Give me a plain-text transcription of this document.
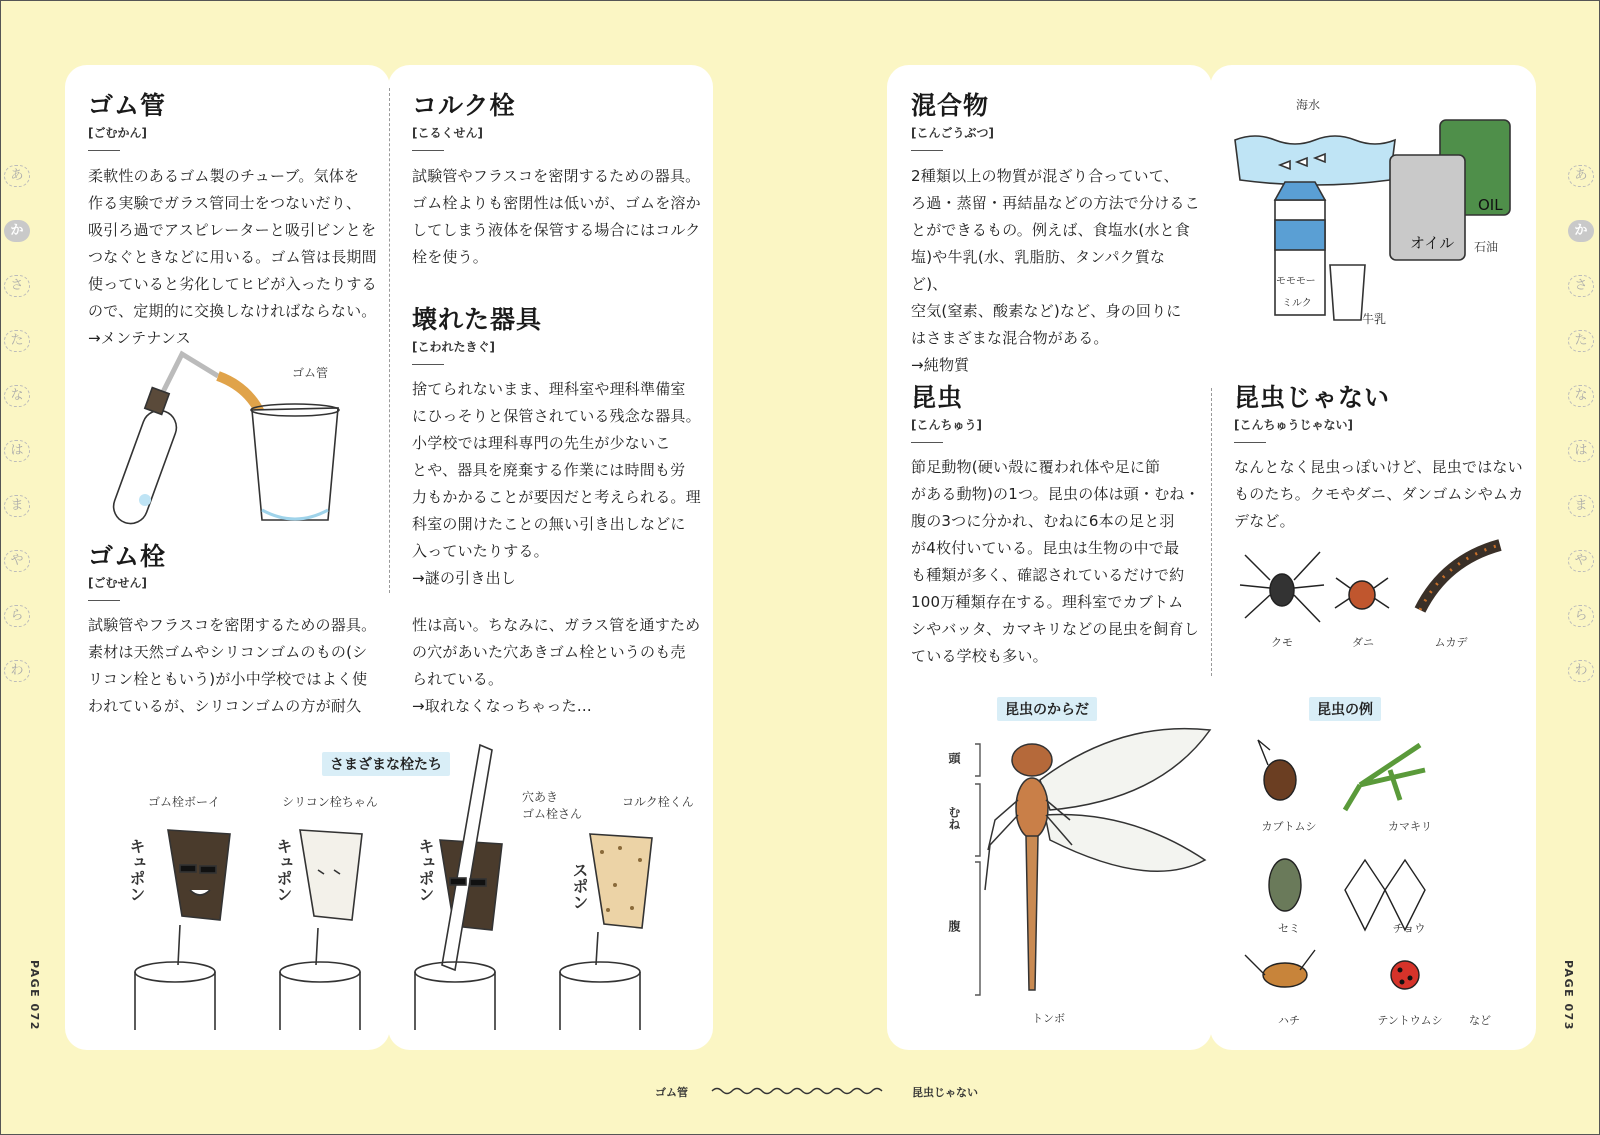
あ
か
さ
た
な
は
ま
や
ら
わ
あ
か
さ
た
な
は
ま
や
ら
わ
PAGE 072	PAGE 073
ゴム管
[ごむかん]
柔軟性のあるゴム製のチューブ。気体を
作る実験でガラス管同士をつないだり、
吸引ろ過でアスピレーターと吸引ビンとを
つなぐときなどに用いる。ゴム管は長期間
使っていると劣化してヒビが入ったりする
ので、定期的に交換しなければならない。
→メンテナンス
ゴム管
ゴム栓
[ごむせん]
試験管やフラスコを密閉するための器具。
素材は天然ゴムやシリコンゴムのもの(シ
リコン栓ともいう)が小中学校ではよく使
われているが、シリコンゴムの方が耐久
性は高い。ちなみに、ガラス管を通すため
の穴があいた穴あきゴム栓というのも売
られている。
→取れなくなっちゃった…
コルク栓
[こるくせん]
試験管やフラスコを密閉するための器具。
ゴム栓よりも密閉性は低いが、ゴムを溶か
してしまう液体を保管する場合にはコルク
栓を使う。
壊れた器具
[こわれたきぐ]
捨てられないまま、理科室や理科準備室
にひっそりと保管されている残念な器具。
小学校では理科専門の先生が少ないこ
とや、器具を廃棄する作業には時間も労
力もかかることが要因だと考えられる。理
科室の開けたことの無い引き出しなどに
入っていたりする。
→謎の引き出し
さまざまな栓たち
ゴム栓ボーイ	シリコン栓ちゃん	穴あき
ゴム栓さん
コルク栓くん
キュポン	キュポン	キュポン	スポン
混合物
[こんごうぶつ]
2種類以上の物質が混ざり合っていて、
ろ過・蒸留・再結晶などの方法で分けるこ
とができるもの。例えば、食塩水(水と食
塩)や牛乳(水、乳脂肪、タンパク質など)、
空気(窒素、酸素など)など、身の回りに
はさまざまな混合物がある。
→純物質
海水
石油
牛乳
オイル
OIL
モモモー
ミルク
昆虫
[こんちゅう]
節足動物(硬い殻に覆われ体や足に節
がある動物)の1つ。昆虫の体は頭・むね・
腹の3つに分かれ、むねに6本の足と羽
が4枚付いている。昆虫は生物の中で最
も種類が多く、確認されているだけで約
100万種類存在する。理科室でカブトム
シやバッタ、カマキリなどの昆虫を飼育し
ている学校も多い。
昆虫じゃない
[こんちゅうじゃない]
なんとなく昆虫っぽいけど、昆虫ではない
ものたち。クモやダニ、ダンゴムシやムカ
デなど。
クモ	ダニ	ムカデ
昆虫のからだ
頭
むね
腹
トンボ
昆虫の例
カブトムシ	カマキリ
セミ	チョウ
ハチ	テントウムシ	など
ゴム管	昆虫じゃない
